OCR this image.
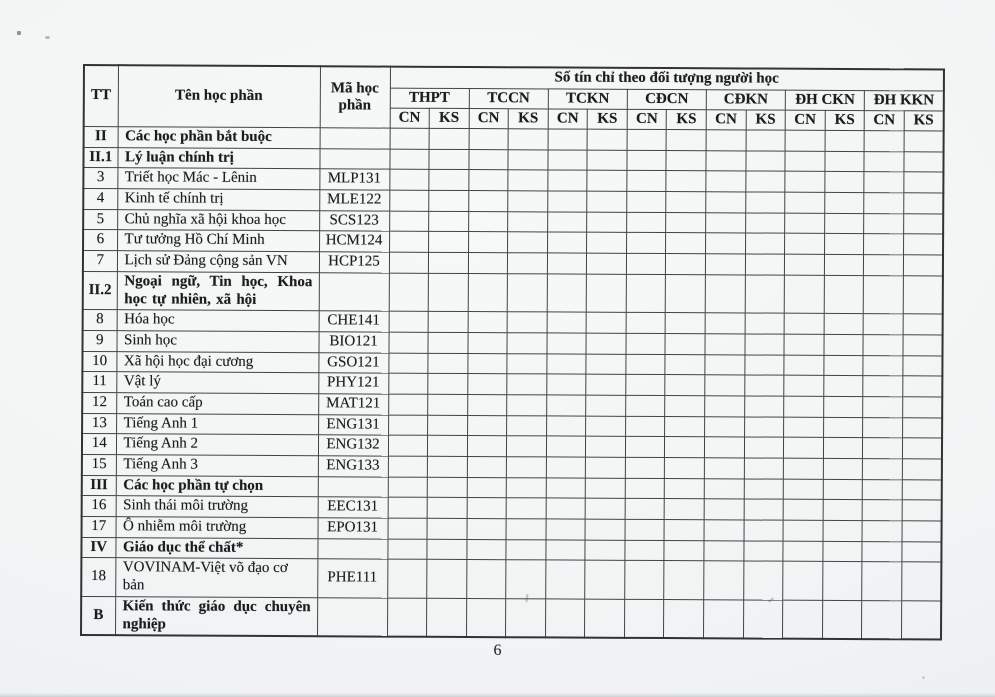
TT	Tên học phần	Mã học phần	Số tín chỉ theo đối tượng người học													
			THPT		TCCN		TCKN		CĐCN		CĐKN		ĐH CKN		ĐH KKN	
			CN	KS	CN	KS	CN	KS	CN	KS	CN	KS	CN	KS	CN	KS
II	Các học phần bắt buộc															
II.1	Lý luận chính trị															
3	Triết học Mác - Lênin	MLP131														
4	Kinh tế chính trị	MLE122														
5	Chủ nghĩa xã hội khoa học	SCS123														
6	Tư tưởng Hồ Chí Minh	HCM124														
7	Lịch sử Đảng cộng sản VN	HCP125														
II.2	Ngoại ngữ, Tin học, Khoa học tự nhiên, xã hội															

8	Hóa học	CHE141														
9	Sinh học	BIO121														
10	Xã hội học đại cương	GSO121														
11	Vật lý	PHY121														
12	Toán cao cấp	MAT121														
13	Tiếng Anh 1	ENG131														
14	Tiếng Anh 2	ENG132														
15	Tiếng Anh 3	ENG133														
III	Các học phần tự chọn															
16	Sinh thái môi trường	EEC131														
17	Ô nhiễm môi trường	EPO131														
IV	Giáo dục thể chất*															
18	VOVINAM-Việt võ đạo cơ bản	PHE111														
B	Kiến thức giáo dục chuyên nghiệp															

6
